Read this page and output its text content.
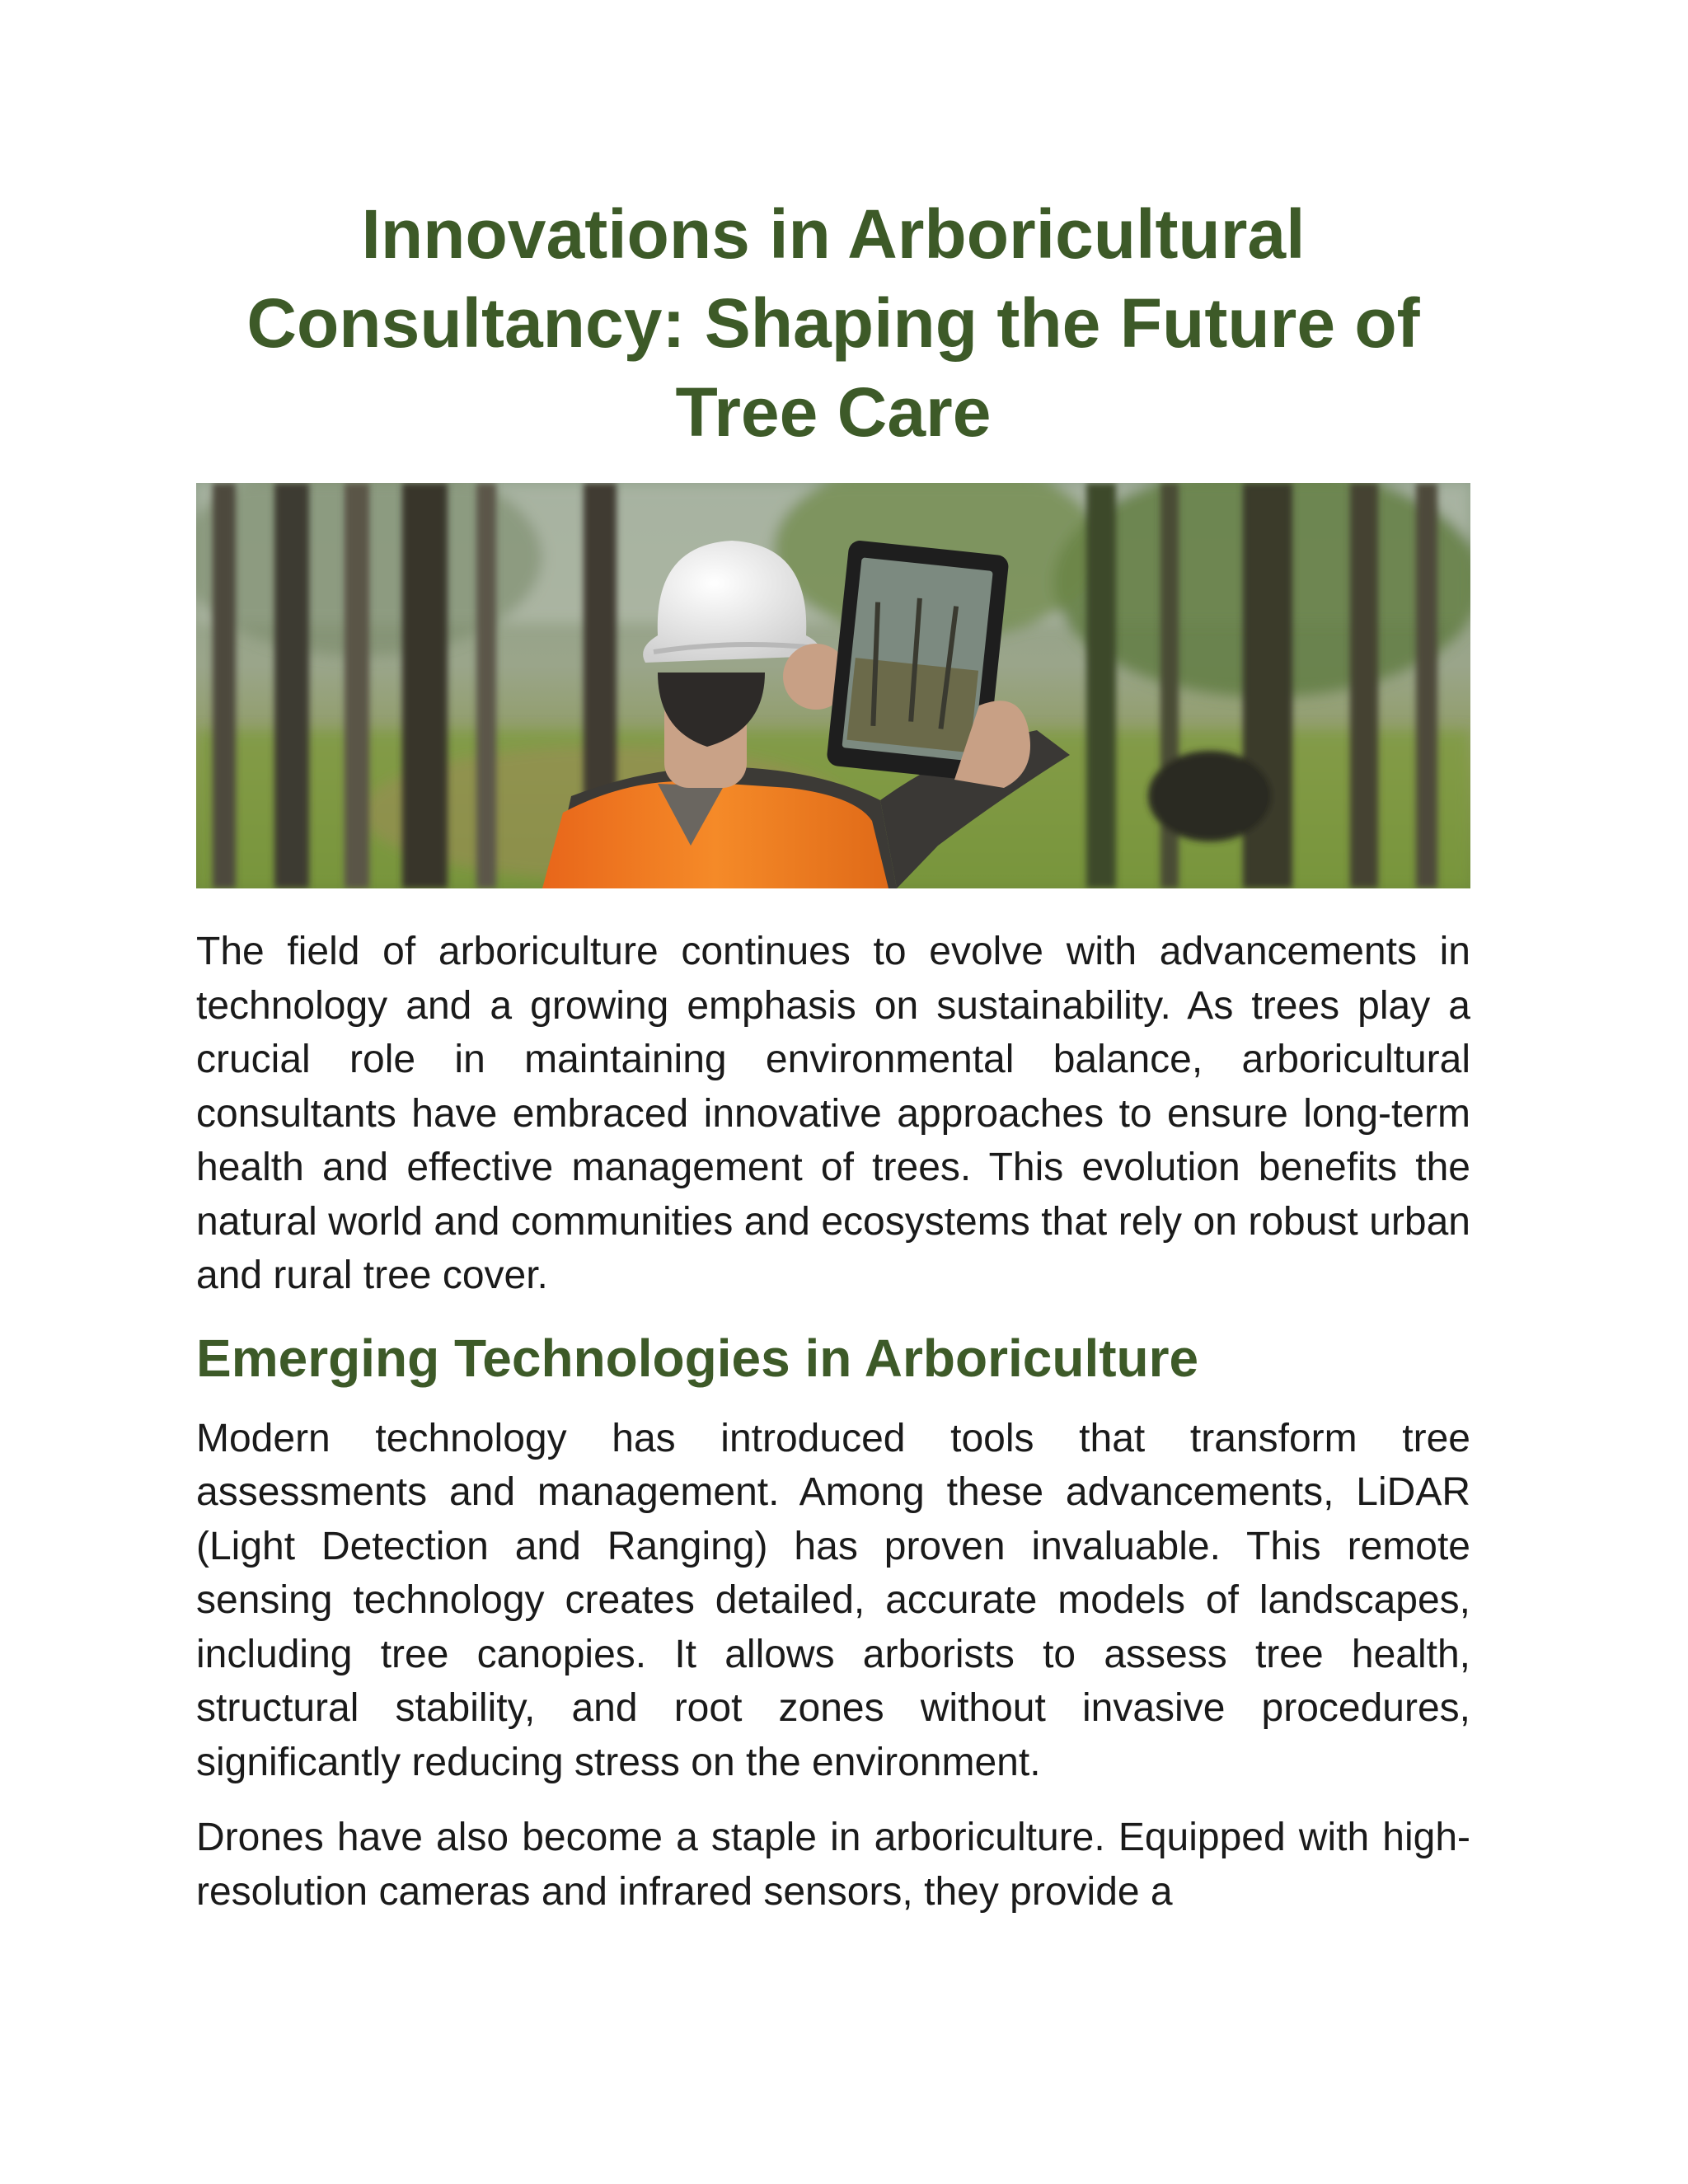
Innovations in Arboricultural Consultancy: Shaping the Future of Tree Care

The field of arboriculture continues to evolve with advancements in technology and a growing emphasis on sustainability. As trees play a crucial role in maintaining environmental balance, arboricultural consultants have embraced innovative approaches to ensure long-term health and effective management of trees. This evolution benefits the natural world and communities and ecosystems that rely on robust urban and rural tree cover.

Emerging Technologies in Arboriculture

Modern technology has introduced tools that transform tree assessments and management. Among these advancements, LiDAR (Light Detection and Ranging) has proven invaluable. This remote sensing technology creates detailed, accurate models of landscapes, including tree canopies. It allows arborists to assess tree health, structural stability, and root zones without invasive procedures, significantly reducing stress on the environment.

Drones have also become a staple in arboriculture. Equipped with high-resolution cameras and infrared sensors, they provide a
